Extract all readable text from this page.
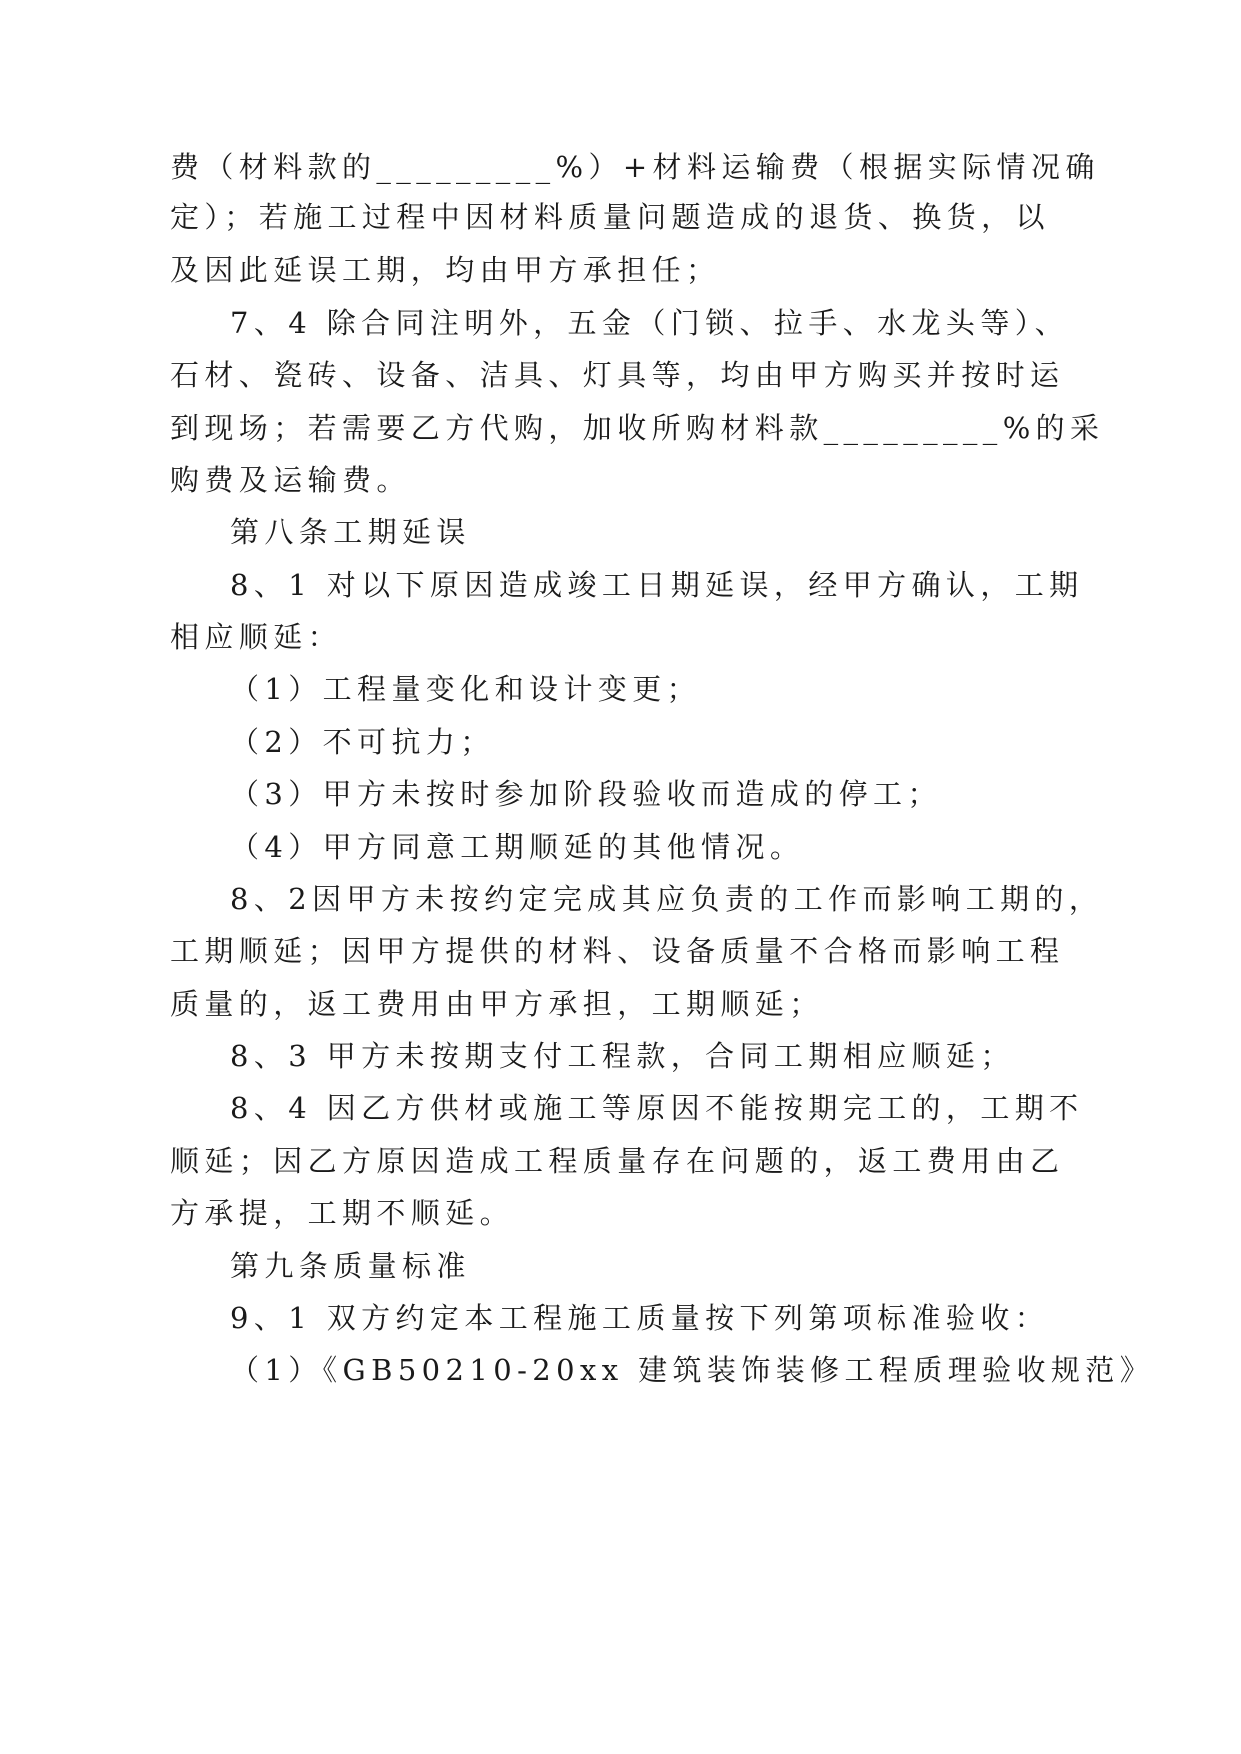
费（材料款的_________%）+材料运输费（根据实际情况确
定）；若施工过程中因材料质量问题造成的退货、换货，以
及因此延误工期，均由甲方承担任；
7、4 除合同注明外，五金（门锁、拉手、水龙头等）、
石材、瓷砖、设备、洁具、灯具等，均由甲方购买并按时运
到现场；若需要乙方代购，加收所购材料款_________%的采
购费及运输费。
第八条工期延误
8、1 对以下原因造成竣工日期延误，经甲方确认，工期
相应顺延：
（1）工程量变化和设计变更；
（2）不可抗力；
（3）甲方未按时参加阶段验收而造成的停工；
（4）甲方同意工期顺延的其他情况。
8、2因甲方未按约定完成其应负责的工作而影响工期的，
工期顺延；因甲方提供的材料、设备质量不合格而影响工程
质量的，返工费用由甲方承担，工期顺延；
8、3 甲方未按期支付工程款，合同工期相应顺延；
8、4 因乙方供材或施工等原因不能按期完工的，工期不
顺延；因乙方原因造成工程质量存在问题的，返工费用由乙
方承提，工期不顺延。
第九条质量标准
9、1 双方约定本工程施工质量按下列第项标准验收：
（1）《GB50210-20xx 建筑装饰装修工程质理验收规范》
